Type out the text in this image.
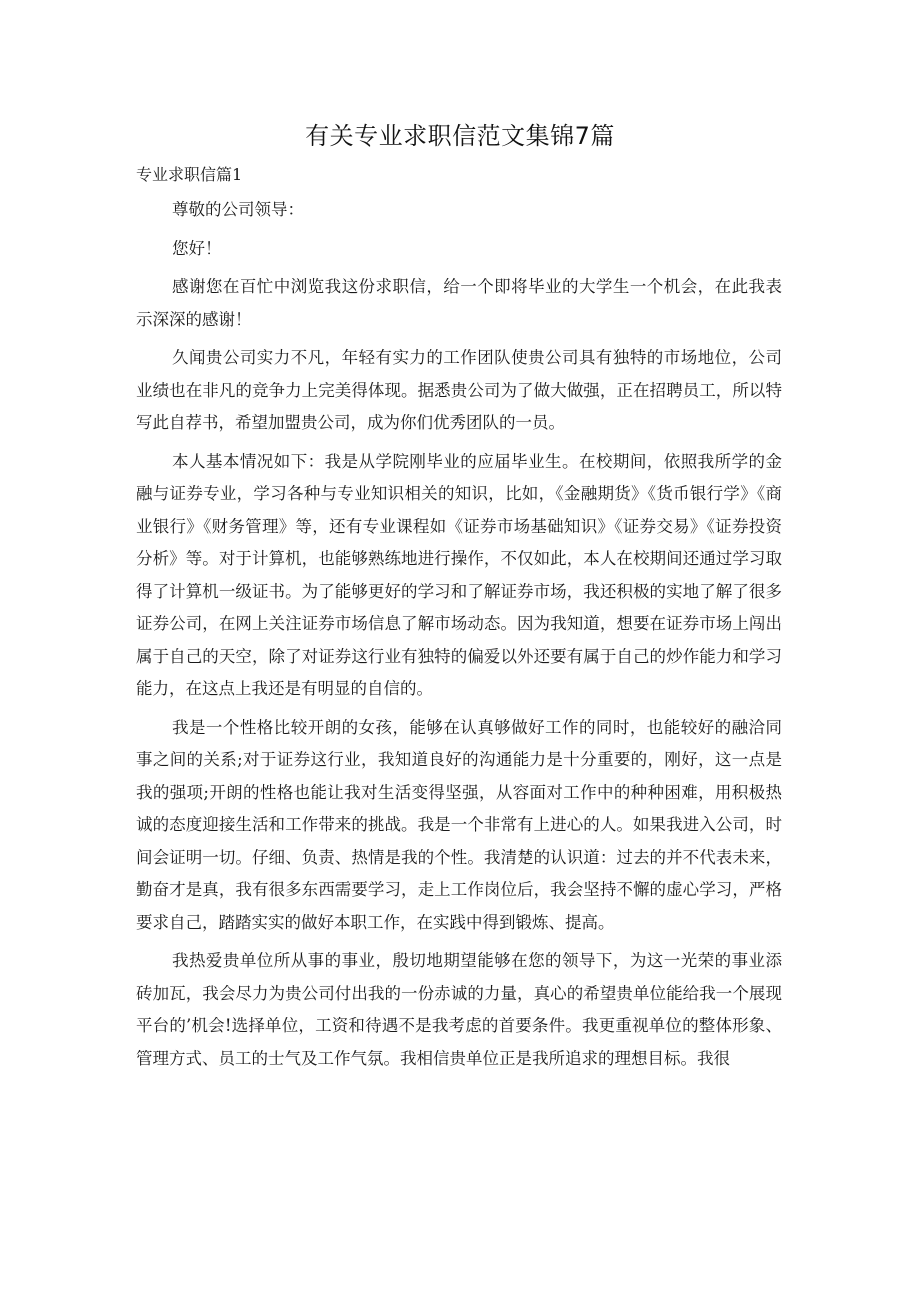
有关专业求职信范文集锦7篇
专业求职信篇1

尊敬的公司领导：

您好！

感谢您在百忙中浏览我这份求职信，给一个即将毕业的大学生一个机会，在此我表示深深的感谢！

久闻贵公司实力不凡，年轻有实力的工作团队使贵公司具有独特的市场地位，公司业绩也在非凡的竞争力上完美得体现。据悉贵公司为了做大做强，正在招聘员工，所以特写此自荐书，希望加盟贵公司，成为你们优秀团队的一员。

本人基本情况如下：我是从学院刚毕业的应届毕业生。在校期间，依照我所学的金融与证券专业，学习各种与专业知识相关的知识，比如，《金融期货》《货币银行学》《商业银行》《财务管理》等，还有专业课程如《证券市场基础知识》《证券交易》《证券投资分析》等。对于计算机，也能够熟练地进行操作，不仅如此，本人在校期间还通过学习取得了计算机一级证书。为了能够更好的学习和了解证券市场，我还积极的实地了解了很多证券公司，在网上关注证券市场信息了解市场动态。因为我知道，想要在证券市场上闯出属于自己的天空，除了对证券这行业有独特的偏爱以外还要有属于自己的炒作能力和学习能力，在这点上我还是有明显的自信的。

我是一个性格比较开朗的女孩，能够在认真够做好工作的同时，也能较好的融洽同事之间的关系;对于证券这行业，我知道良好的沟通能力是十分重要的，刚好，这一点是我的强项;开朗的性格也能让我对生活变得坚强，从容面对工作中的种种困难，用积极热诚的态度迎接生活和工作带来的挑战。我是一个非常有上进心的人。如果我进入公司，时间会证明一切。仔细、负责、热情是我的个性。我清楚的认识道：过去的并不代表未来，勤奋才是真，我有很多东西需要学习，走上工作岗位后，我会坚持不懈的虚心学习，严格要求自己，踏踏实实的做好本职工作，在实践中得到锻炼、提高。

我热爱贵单位所从事的事业，殷切地期望能够在您的领导下，为这一光荣的事业添砖加瓦，我会尽力为贵公司付出我的一份赤诚的力量，真心的希望贵单位能给我一个展现平台的’机会!选择单位，工资和待遇不是我考虑的首要条件。我更重视单位的整体形象、管理方式、员工的士气及工作气氛。我相信贵单位正是我所追求的理想目标。我很
